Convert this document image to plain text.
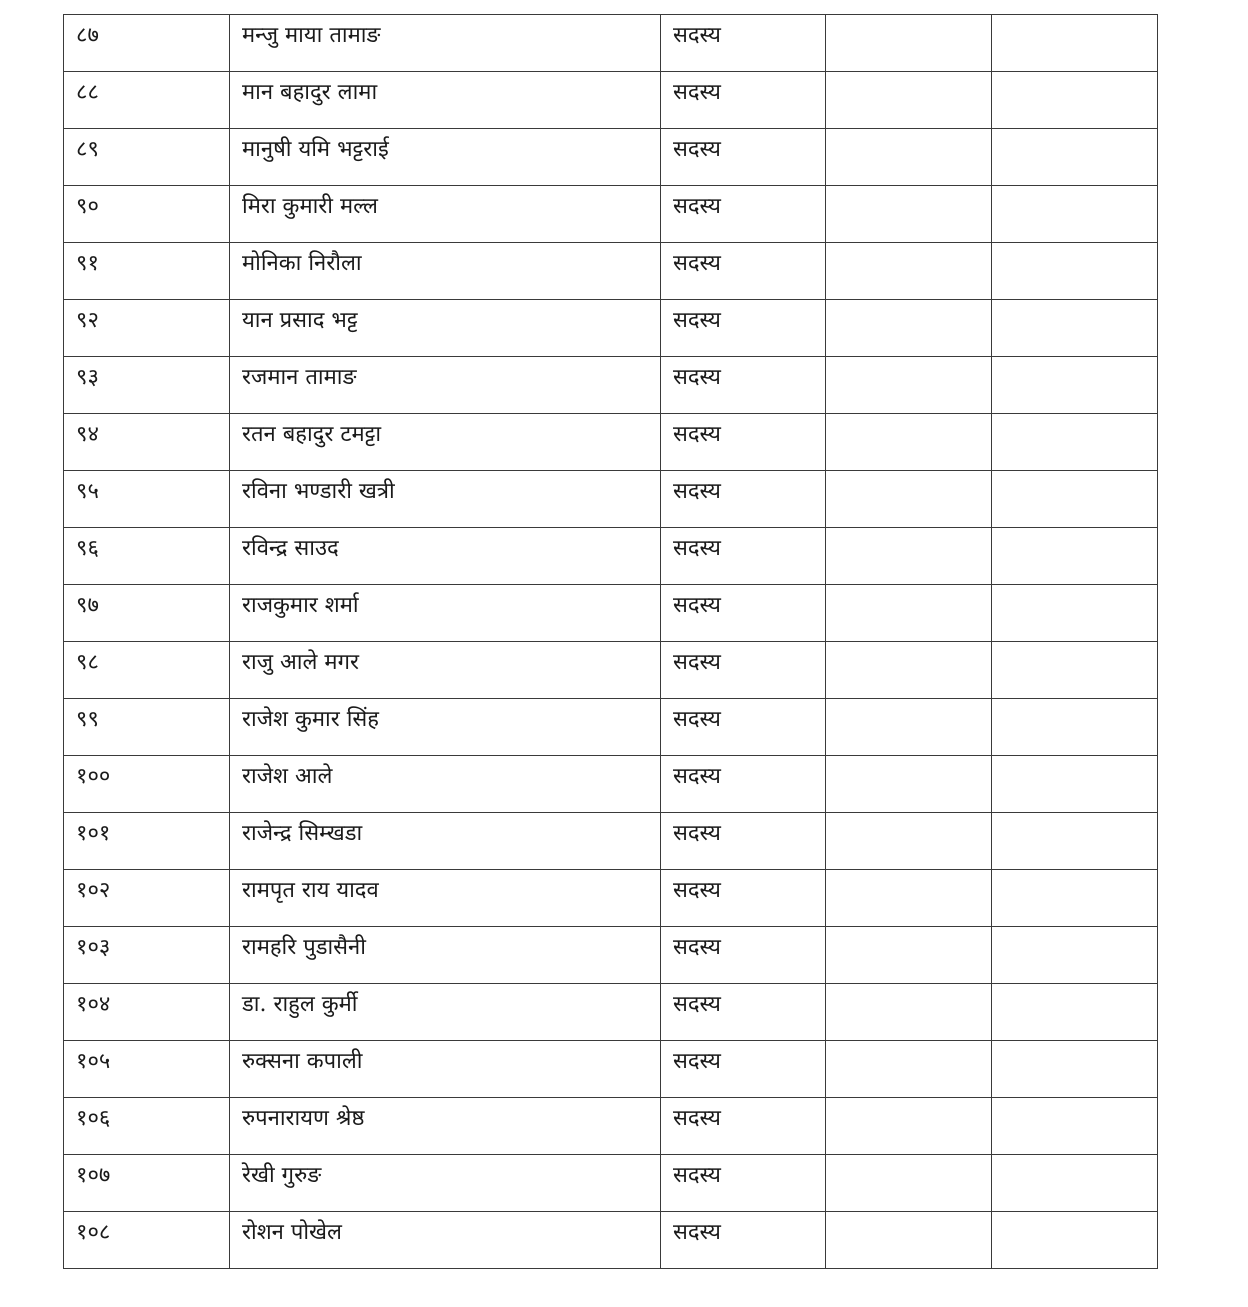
८७	मन्जु माया तामाङ	सदस्य		

८८	मान बहादुर लामा	सदस्य		

८९	मानुषी यमि भट्टराई	सदस्य		

९०	मिरा कुमारी मल्ल	सदस्य		

९१	मोनिका निरौला	सदस्य		

९२	यान प्रसाद भट्ट	सदस्य		

९३	रजमान तामाङ	सदस्य		

९४	रतन बहादुर टमट्टा	सदस्य		

९५	रविना भण्डारी खत्री	सदस्य		

९६	रविन्द्र साउद	सदस्य		

९७	राजकुमार शर्मा	सदस्य		

९८	राजु आले मगर	सदस्य		

९९	राजेश कुमार सिंह	सदस्य		

१००	राजेश आले	सदस्य		

१०१	राजेन्द्र सिम्खडा	सदस्य		

१०२	रामपृत राय यादव	सदस्य		

१०३	रामहरि पुडासैनी	सदस्य		

१०४	डा. राहुल कुर्मी	सदस्य		

१०५	रुक्सना कपाली	सदस्य		

१०६	रुपनारायण श्रेष्ठ	सदस्य		

१०७	रेखी गुरुङ	सदस्य		

१०८	रोशन पोखेल	सदस्य		
